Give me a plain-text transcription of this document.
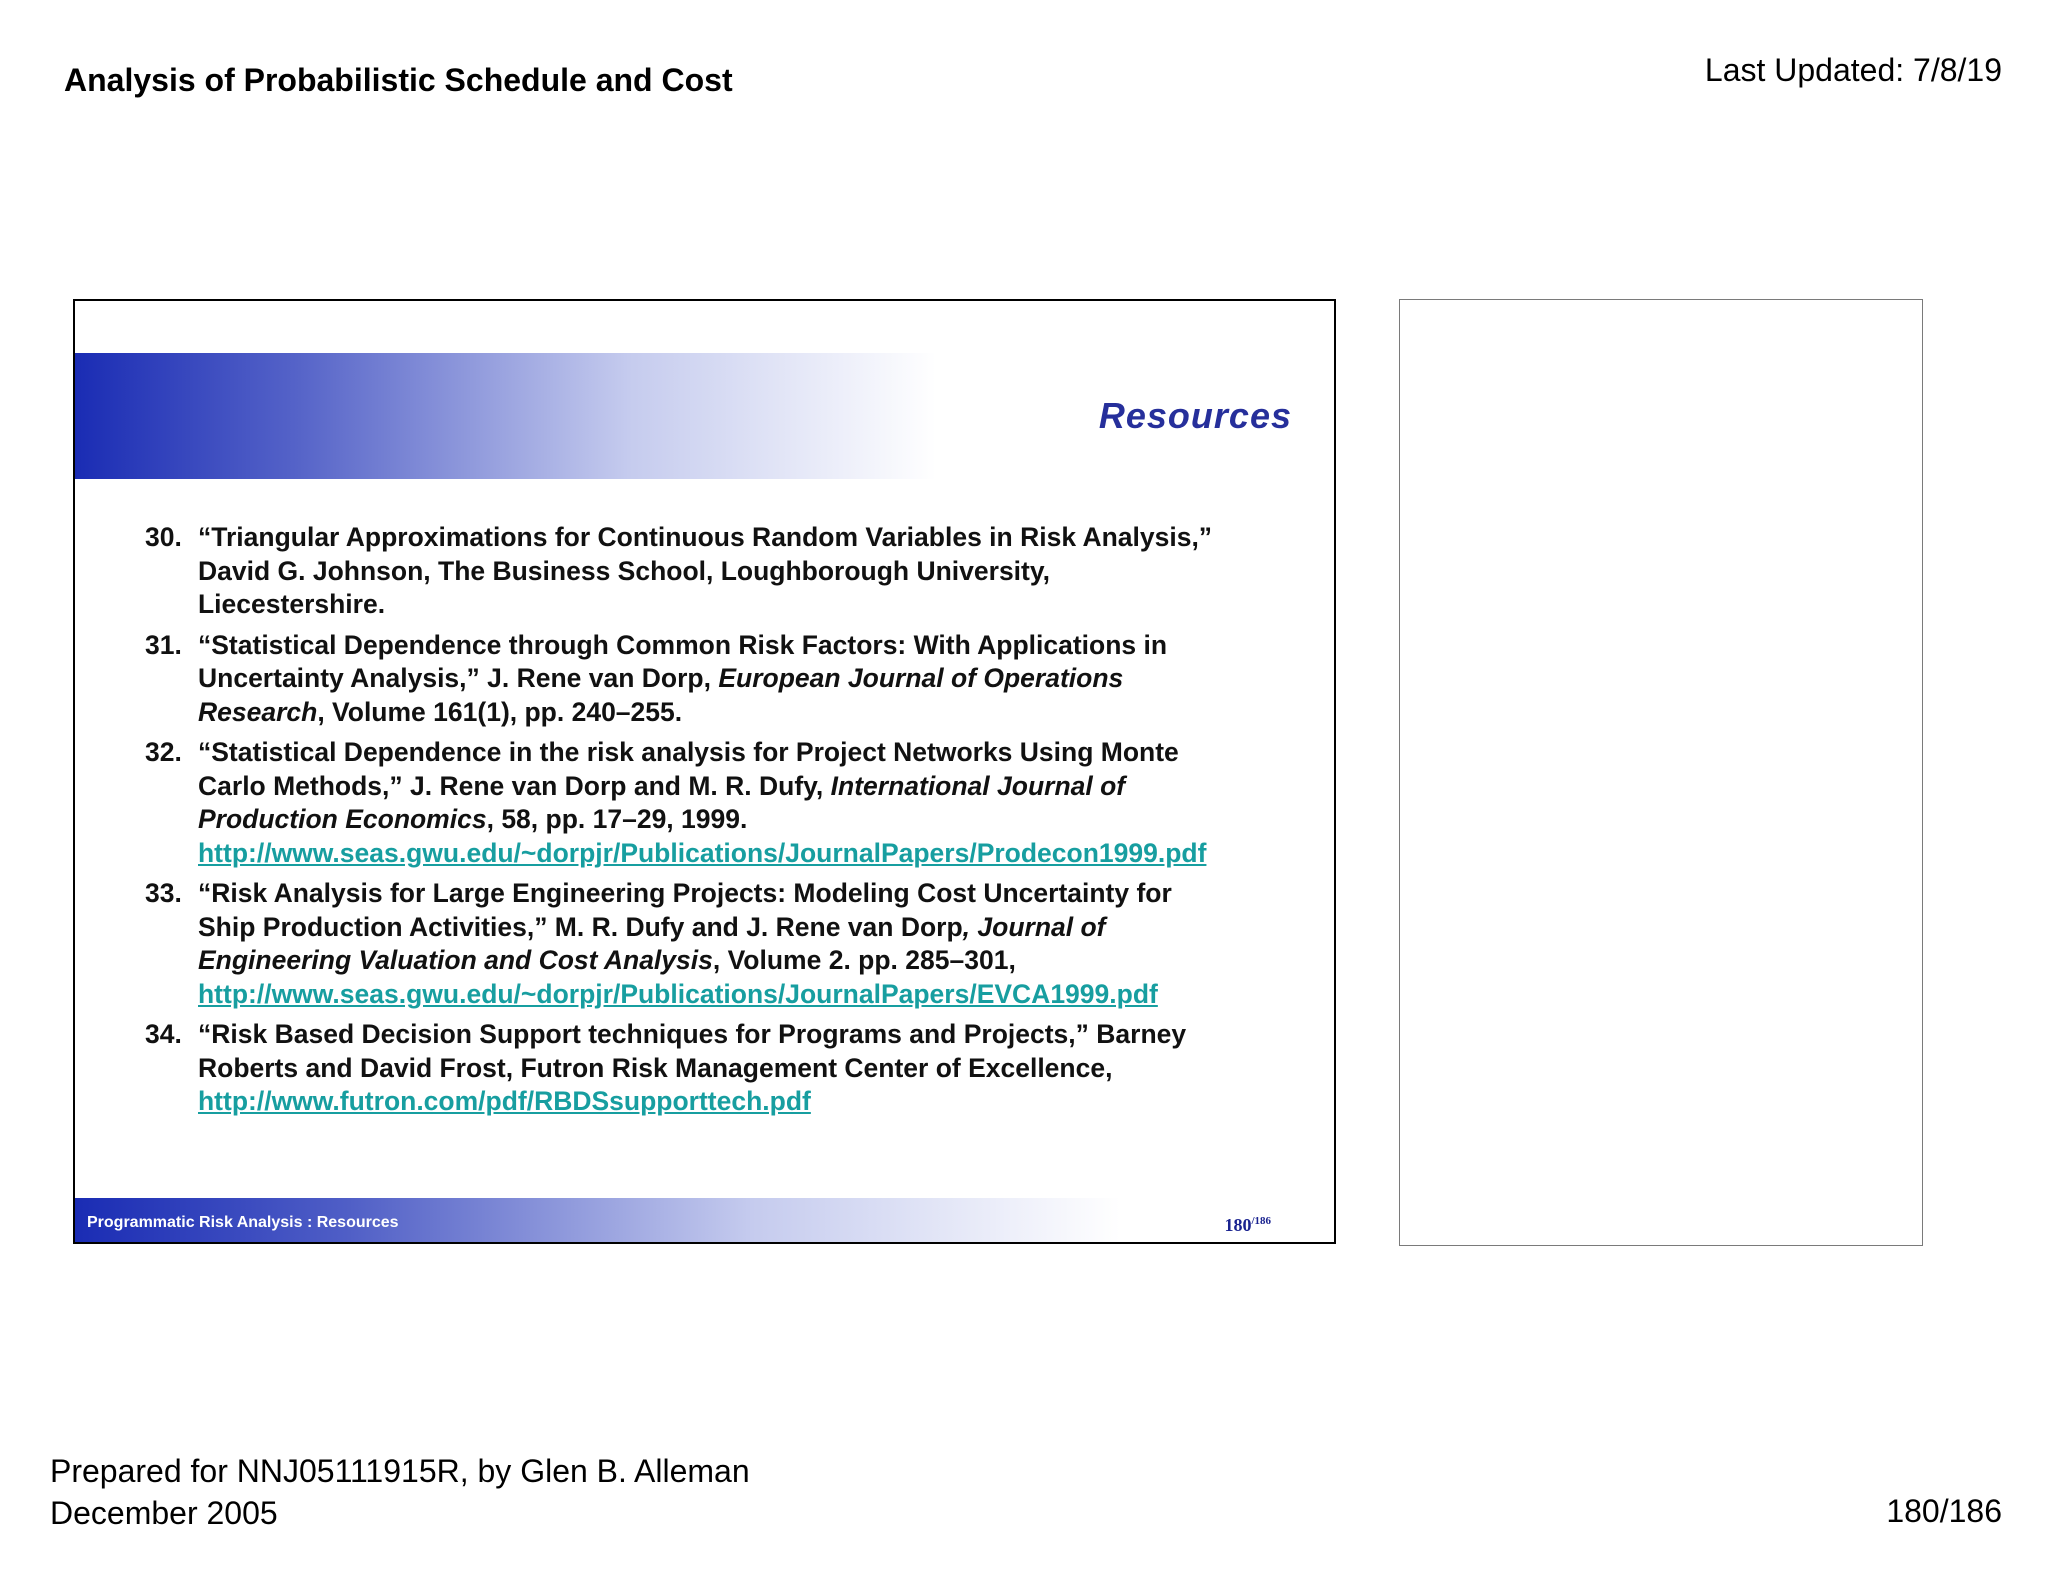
Analysis of Probabilistic Schedule and Cost	Last Updated: 7/8/19
Resources
30. “Triangular Approximations for Continuous Random Variables in Risk Analysis,”
David G. Johnson, The Business School, Loughborough University,
Liecestershire.
31. “Statistical Dependence through Common Risk Factors: With Applications in
Uncertainty Analysis,” J. Rene van Dorp, European Journal of Operations
Research, Volume 161(1), pp. 240–255.
32. “Statistical Dependence in the risk analysis for Project Networks Using Monte
Carlo Methods,” J. Rene van Dorp and M. R. Dufy, International Journal of
Production Economics, 58, pp. 17–29, 1999.
http://www.seas.gwu.edu/~dorpjr/Publications/JournalPapers/Prodecon1999.pdf
33. “Risk Analysis for Large Engineering Projects: Modeling Cost Uncertainty for
Ship Production Activities,” M. R. Dufy and J. Rene van Dorp, Journal of
Engineering Valuation and Cost Analysis, Volume 2. pp. 285–301,
http://www.seas.gwu.edu/~dorpjr/Publications/JournalPapers/EVCA1999.pdf
34. “Risk Based Decision Support techniques for Programs and Projects,” Barney
Roberts and David Frost, Futron Risk Management Center of Excellence,
http://www.futron.com/pdf/RBDSsupporttech.pdf
Programmatic Risk Analysis : Resources	$180^{/186}$
Prepared for NNJ05111915R, by Glen B. Alleman
December 2005	180/186
